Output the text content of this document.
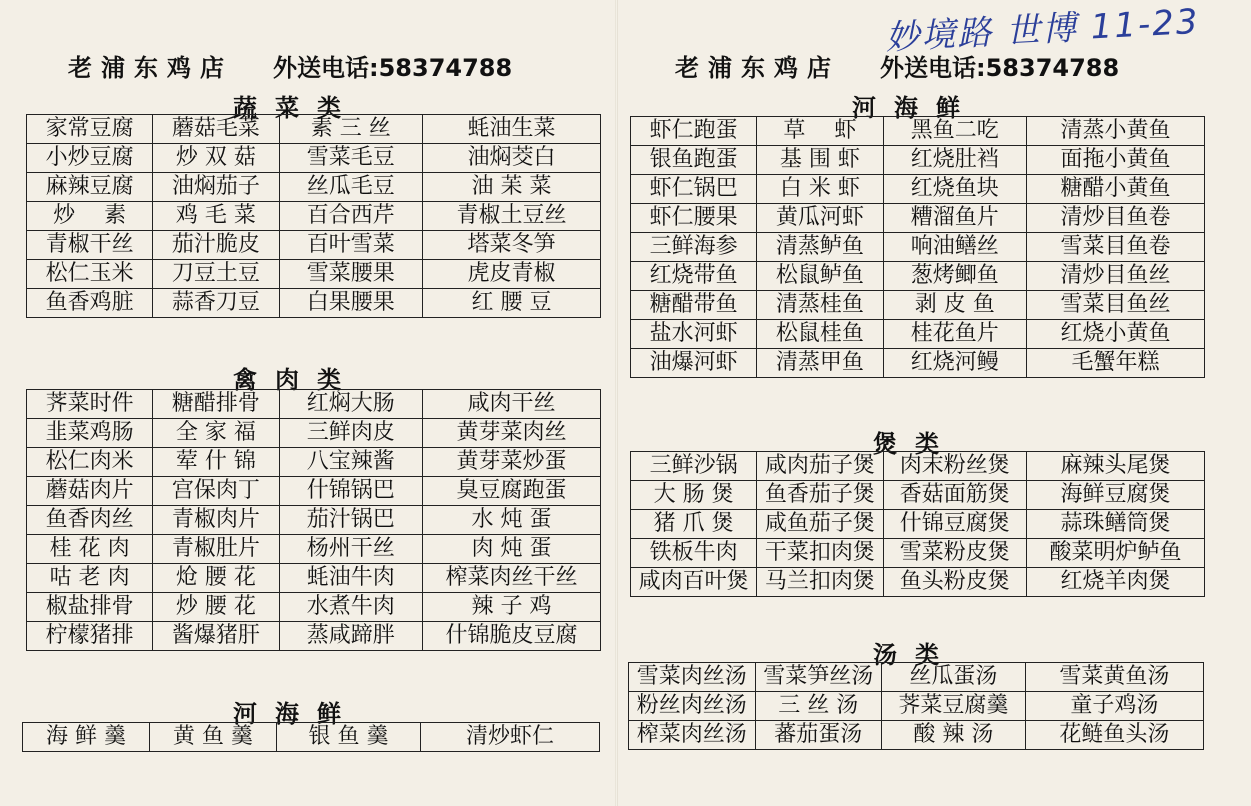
老浦东鸡店 外送电话:58374788
蔬菜类
家常豆腐	蘑菇毛菜	素 三 丝	蚝油生菜
小炒豆腐	炒 双 菇	雪菜毛豆	油焖茭白
麻辣豆腐	油焖茄子	丝瓜毛豆	油 苿 菜
炒　 素	鸡 毛 菜	百合西芹	青椒土豆丝
青椒干丝	茄汁脆皮	百叶雪菜	塔菜冬笋
松仁玉米	刀豆土豆	雪菜腰果	虎皮青椒
鱼香鸡脏	蒜香刀豆	白果腰果	红 腰 豆
禽肉类
荠菜时件	糖醋排骨	红焖大肠	咸肉干丝
韭菜鸡肠	全 家 福	三鲜肉皮	黄芽菜肉丝
松仁肉米	荤 什 锦	八宝辣酱	黄芽菜炒蛋
蘑菇肉片	宫保肉丁	什锦锅巴	臭豆腐跑蛋
鱼香肉丝	青椒肉片	茄汁锅巴	水 炖 蛋
桂 花 肉	青椒肚片	杨州干丝	肉 炖 蛋
咕 老 肉	炝 腰 花	蚝油牛肉	榨菜肉丝干丝
椒盐排骨	炒 腰 花	水煮牛肉	辣 子 鸡
柠檬猪排	酱爆猪肝	蒸咸蹄胖	什锦脆皮豆腐
河海鲜
海 鲜 羹	黄 鱼 羹	银 鱼 羹	清炒虾仁
老浦东鸡店 外送电话:58374788
妙境路 世博 11-23
河海鲜
虾仁跑蛋	草　 虾	黑鱼二吃	清蒸小黄鱼
银鱼跑蛋	基 围 虾	红烧肚裆	面拖小黄鱼
虾仁锅巴	白 米 虾	红烧鱼块	糖醋小黄鱼
虾仁腰果	黄瓜河虾	糟溜鱼片	清炒目鱼卷
三鲜海参	清蒸鲈鱼	响油鳝丝	雪菜目鱼卷
红烧带鱼	松鼠鲈鱼	葱烤鲫鱼	清炒目鱼丝
糖醋带鱼	清蒸桂鱼	剥 皮 鱼	雪菜目鱼丝
盐水河虾	松鼠桂鱼	桂花鱼片	红烧小黄鱼
油爆河虾	清蒸甲鱼	红烧河鳗	毛蟹年糕
煲类
三鲜沙锅	咸肉茄子煲	肉末粉丝煲	麻辣头尾煲
大 肠 煲	鱼香茄子煲	香菇面筋煲	海鲜豆腐煲
猪 爪 煲	咸鱼茄子煲	什锦豆腐煲	蒜珠鳝筒煲
铁板牛肉	干菜扣肉煲	雪菜粉皮煲	酸菜明炉鲈鱼
咸肉百叶煲	马兰扣肉煲	鱼头粉皮煲	红烧羊肉煲
汤类
雪菜肉丝汤	雪菜笋丝汤	丝瓜蛋汤	雪菜黄鱼汤
粉丝肉丝汤	三 丝 汤	荠菜豆腐羹	童子鸡汤
榨菜肉丝汤	蕃茄蛋汤	酸 辣 汤	花鲢鱼头汤
